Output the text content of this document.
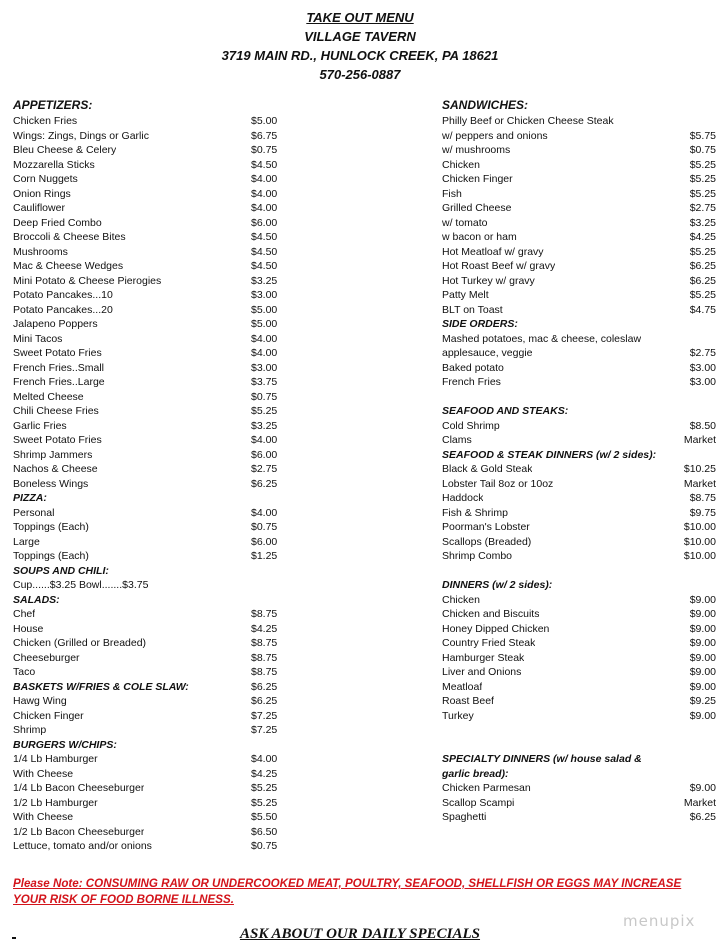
TAKE OUT MENU
VILLAGE TAVERN
3719 MAIN RD., HUNLOCK CREEK, PA 18621
570-256-0887
APPETIZERS:
Chicken Fries	$5.00
Wings: Zings, Dings or Garlic	$6.75
Bleu Cheese & Celery	$0.75
Mozzarella Sticks	$4.50
Corn Nuggets	$4.00
Onion Rings	$4.00
Cauliflower	$4.00
Deep Fried Combo	$6.00
Broccoli & Cheese Bites	$4.50
Mushrooms	$4.50
Mac & Cheese Wedges	$4.50
Mini Potato & Cheese Pierogies	$3.25
Potato Pancakes...10	$3.00
Potato Pancakes...20	$5.00
Jalapeno Poppers	$5.00
Mini Tacos	$4.00
Sweet Potato Fries	$4.00
French Fries..Small	$3.00
French Fries..Large	$3.75
Melted Cheese	$0.75
Chili Cheese Fries	$5.25
Garlic Fries	$3.25
Sweet Potato Fries	$4.00
Shrimp Jammers	$6.00
Nachos & Cheese	$2.75
Boneless Wings	$6.25
PIZZA:
Personal	$4.00
Toppings (Each)	$0.75
Large	$6.00
Toppings (Each)	$1.25
SOUPS AND CHILI:
Cup......$3.25 Bowl.......$3.75
SALADS:
Chef	$8.75
House	$4.25
Chicken (Grilled or Breaded)	$8.75
Cheeseburger	$8.75
Taco	$8.75
BASKETS W/FRIES & COLE SLAW:	$6.25
Hawg Wing	$6.25
Chicken Finger	$7.25
Shrimp	$7.25
BURGERS W/CHIPS:
1/4 Lb Hamburger	$4.00
With Cheese	$4.25
1/4 Lb Bacon Cheeseburger	$5.25
1/2 Lb Hamburger	$5.25
With Cheese	$5.50
1/2 Lb Bacon Cheeseburger	$6.50
Lettuce, tomato and/or onions	$0.75
SANDWICHES:
Philly Beef or Chicken Cheese Steak
w/ peppers and onions	$5.75
w/ mushrooms	$0.75
Chicken	$5.25
Chicken Finger	$5.25
Fish	$5.25
Grilled Cheese	$2.75
w/ tomato	$3.25
w bacon or ham	$4.25
Hot Meatloaf w/ gravy	$5.25
Hot Roast Beef w/ gravy	$6.25
Hot Turkey w/ gravy	$6.25
Patty Melt	$5.25
BLT on Toast	$4.75
SIDE ORDERS:
Mashed potatoes, mac & cheese, coleslaw
applesauce, veggie	$2.75
Baked potato	$3.00
French Fries	$3.00
SEAFOOD AND STEAKS:
Cold Shrimp	$8.50
Clams	Market
SEAFOOD & STEAK DINNERS (w/ 2 sides):
Black & Gold Steak	$10.25
Lobster Tail 8oz or 10oz	Market
Haddock	$8.75
Fish & Shrimp	$9.75
Poorman's Lobster	$10.00
Scallops (Breaded)	$10.00
Shrimp Combo	$10.00
DINNERS (w/ 2 sides):
Chicken	$9.00
Chicken and Biscuits	$9.00
Honey Dipped Chicken	$9.00
Country Fried Steak	$9.00
Hamburger Steak	$9.00
Liver and Onions	$9.00
Meatloaf	$9.00
Roast Beef	$9.25
Turkey	$9.00
SPECIALTY DINNERS (w/ house salad &
garlic bread):
Chicken Parmesan	$9.00
Scallop Scampi	Market
Spaghetti	$6.25
Please Note: CONSUMING RAW OR UNDERCOOKED MEAT, POULTRY, SEAFOOD, SHELLFISH OR EGGS MAY INCREASE YOUR RISK OF FOOD BORNE ILLNESS.
menupix
ASK ABOUT OUR DAILY SPECIALS
